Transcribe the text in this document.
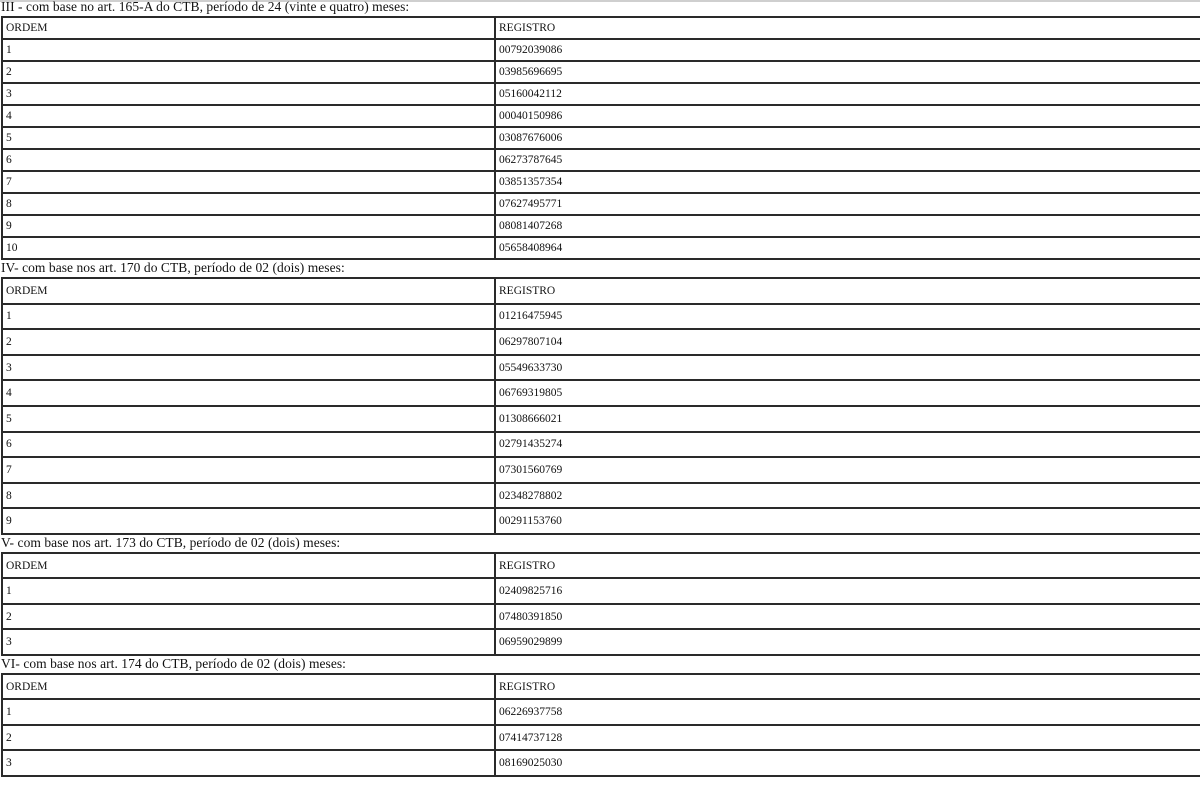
III - com base no art. 165-A do CTB, período de 24 (vinte e quatro) meses:
ORDEM	REGISTRO
1	00792039086
2	03985696695
3	05160042112
4	00040150986
5	03087676006
6	06273787645
7	03851357354
8	07627495771
9	08081407268
10	05658408964
IV- com base nos art. 170 do CTB, período de 02 (dois) meses:
ORDEM	REGISTRO
1	01216475945
2	06297807104
3	05549633730
4	06769319805
5	01308666021
6	02791435274
7	07301560769
8	02348278802
9	00291153760
V- com base nos art. 173 do CTB, período de 02 (dois) meses:
ORDEM	REGISTRO
1	02409825716
2	07480391850
3	06959029899
VI- com base nos art. 174 do CTB, período de 02 (dois) meses:
ORDEM	REGISTRO
1	06226937758
2	07414737128
3	08169025030
